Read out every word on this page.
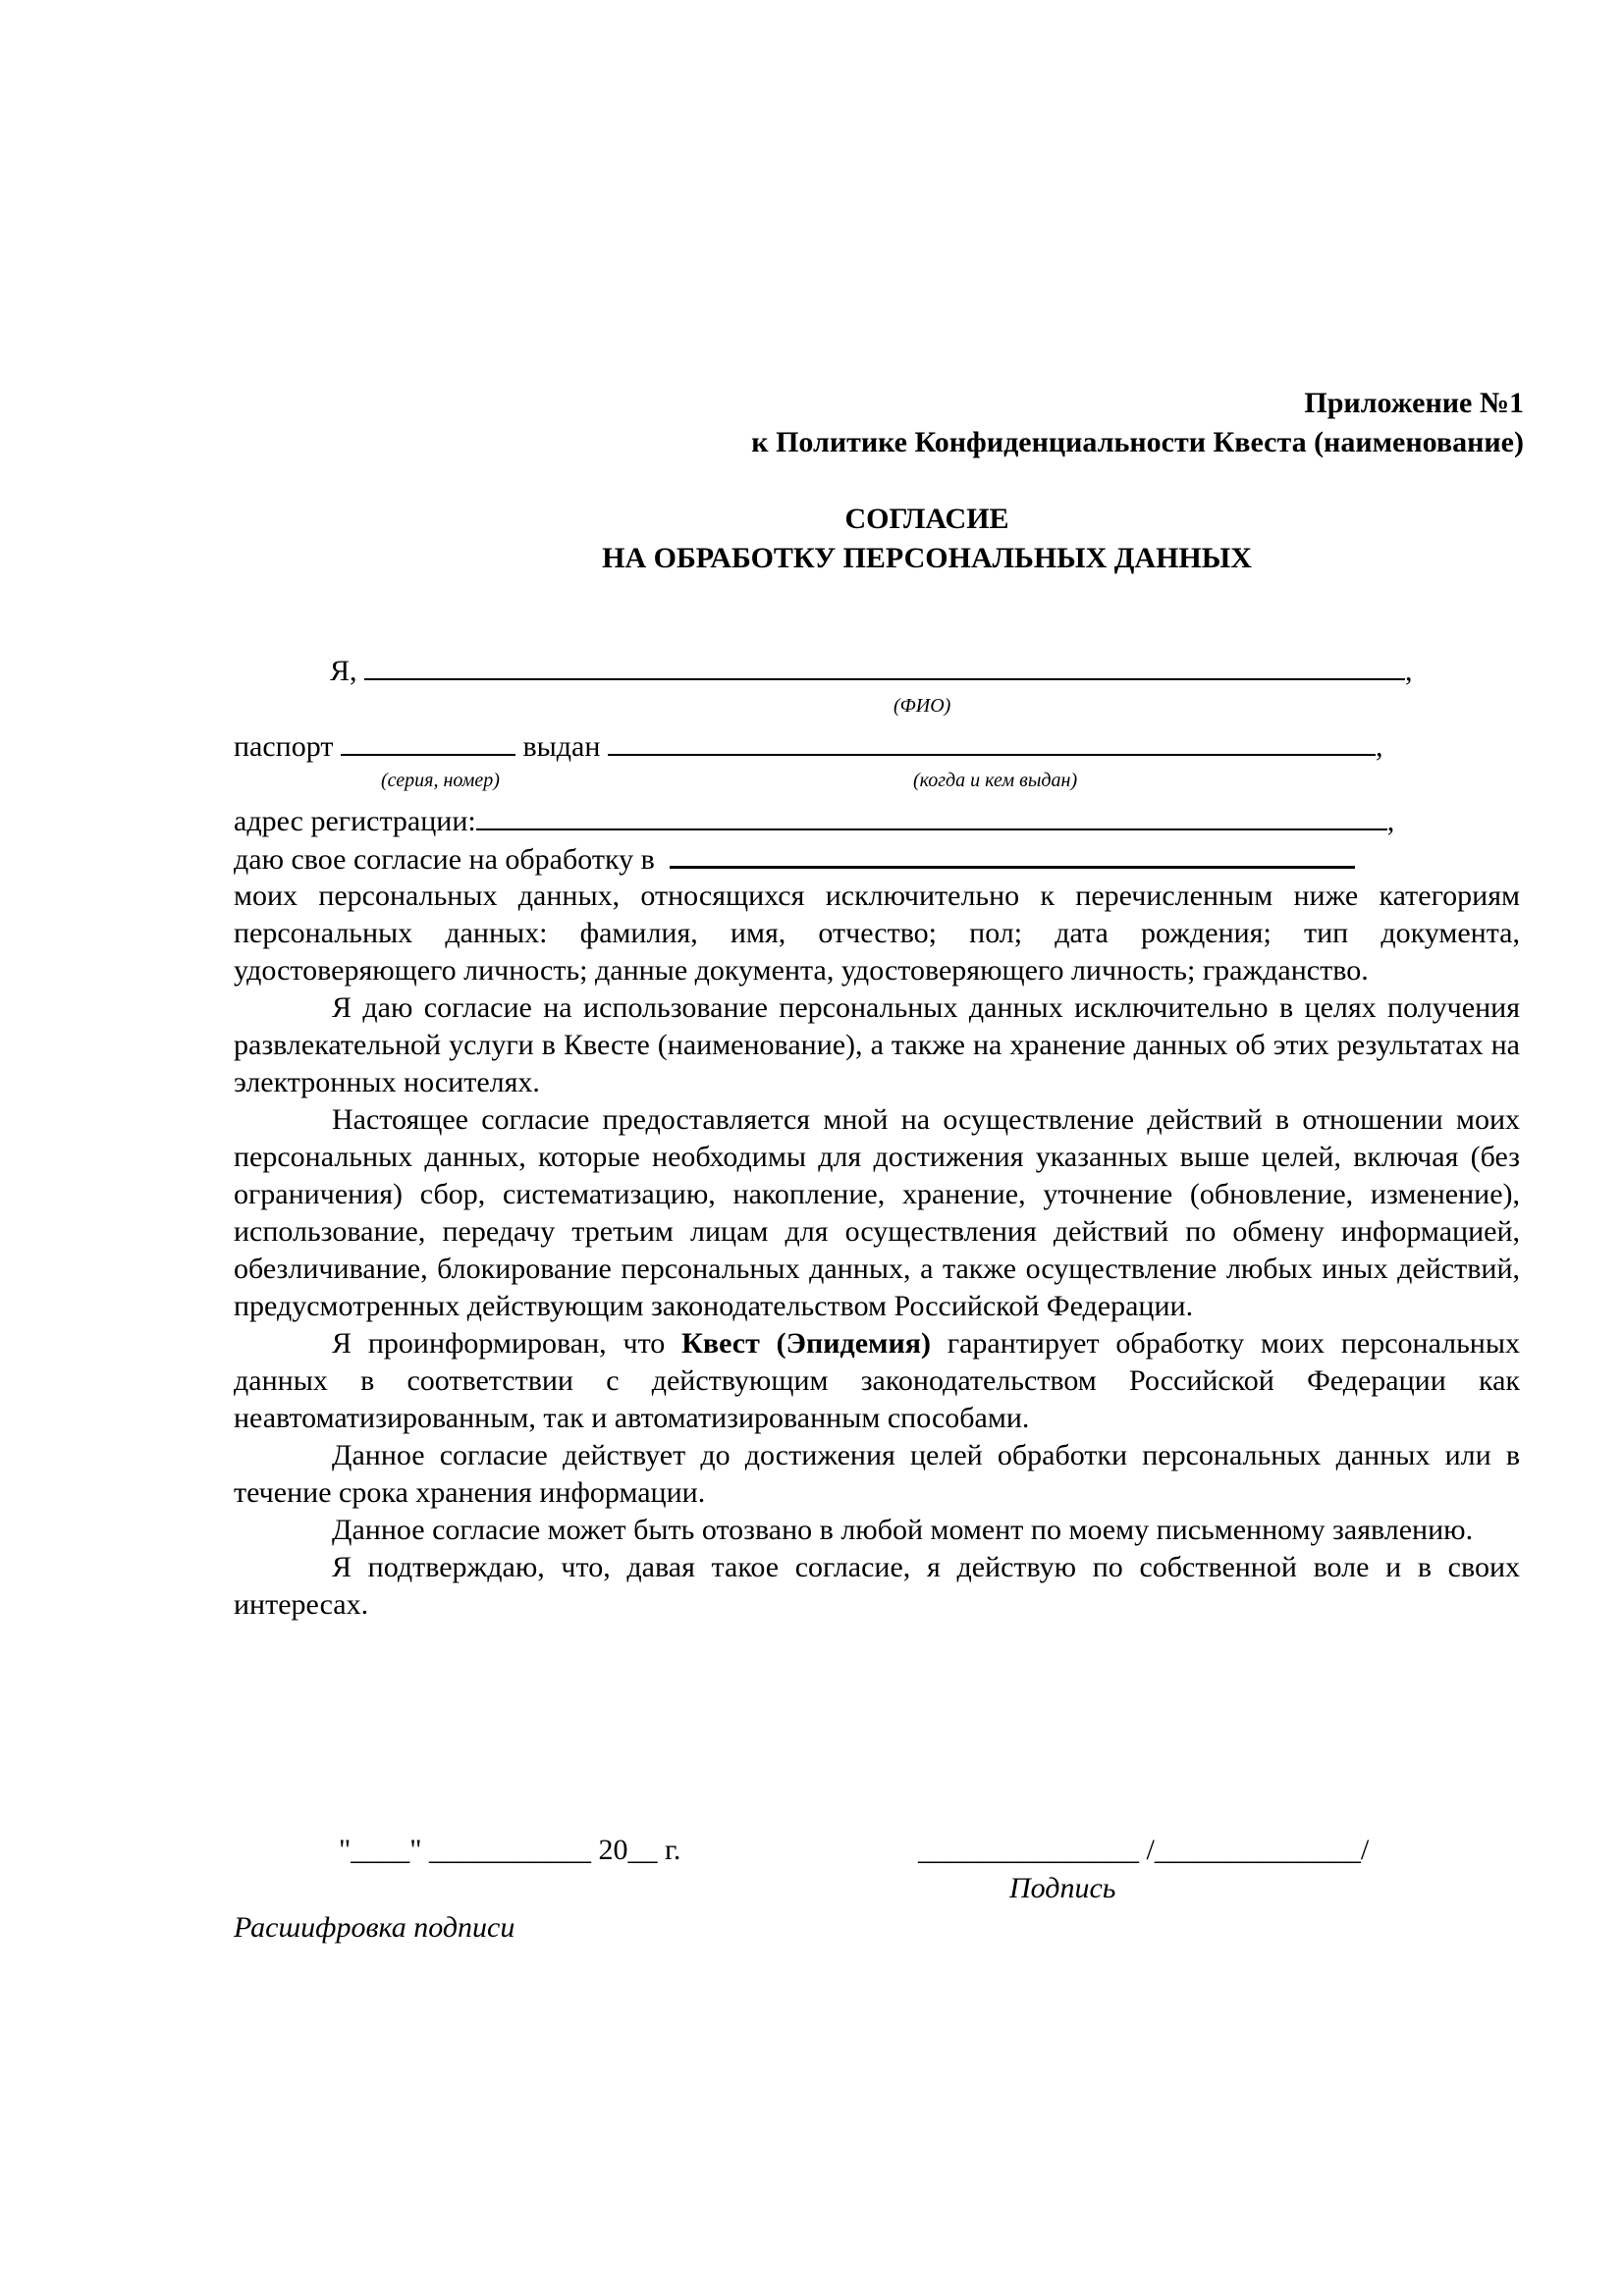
Приложение №1
к Политике Конфиденциальности Квеста (наименование)
СОГЛАСИЕ
НА ОБРАБОТКУ ПЕРСОНАЛЬНЫХ ДАННЫХ
Я,	,
(ФИО)
паспорт	выдан	,
(серия, номер)	(когда и кем выдан)
адрес регистрации:	,
даю свое согласие на обработку в

моих персональных данных, относящихся исключительно к перечисленным ниже категориям персональных данных: фамилия, имя, отчество; пол; дата рождения; тип документа, удостоверяющего личность; данные документа, удостоверяющего личность; гражданство.

Я даю согласие на использование персональных данных исключительно в целях получения развлекательной услуги в Квесте (наименование), а также на хранение данных об этих результатах на электронных носителях.

Настоящее согласие предоставляется мной на осуществление действий в отношении моих персональных данных, которые необходимы для достижения указанных выше целей, включая (без ограничения) сбор, систематизацию, накопление, хранение, уточнение (обновление, изменение), использование, передачу третьим лицам для осуществления действий по обмену информацией, обезличивание, блокирование персональных данных, а также осуществление любых иных действий, предусмотренных действующим законодательством Российской Федерации.

Я проинформирован, что Квест (Эпидемия) гарантирует обработку моих персональных данных в соответствии с действующим законодательством Российской Федерации как неавтоматизированным, так и автоматизированным способами.

Данное согласие действует до достижения целей обработки персональных данных или в течение срока хранения информации.

Данное согласие может быть отозвано в любой момент по моему письменному заявлению.

Я подтверждаю, что, давая такое согласие, я действую по собственной воле и в своих интересах.

"____" ___________ 20__ г.	_______________ /______________/
Подпись
Расшифровка подписи
